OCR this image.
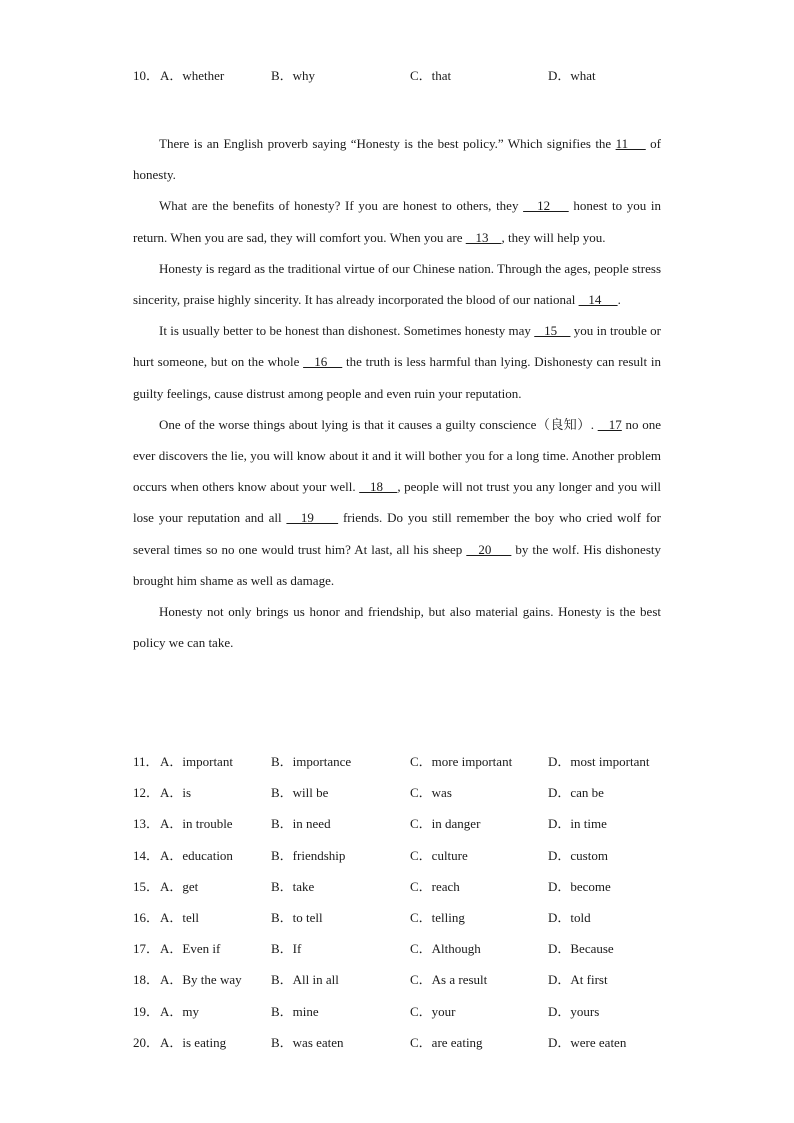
10． A．whether	B．why	C．that	D．what

There is an English proverb saying “Honesty is the best policy.” Which signifies the 11     of honesty.

What are the benefits of honesty? If you are honest to others, they    12     honest to you in return. When you are sad, they will comfort you. When you are    13    , they will help you.

Honesty is regard as the traditional virtue of our Chinese nation. Through the ages, people stress sincerity, praise highly sincerity. It has already incorporated the blood of our national    14     .

It is usually better to be honest than dishonest. Sometimes honesty may    15     you in trouble or hurt someone, but on the whole    16     the truth is less harmful than lying. Dishonesty can result in guilty feelings, cause distrust among people and even ruin your reputation.

One of the worse things about lying is that it causes a guilty conscience（良知）.    17 no one ever discovers the lie, you will know about it and it will bother you for a long time. Another problem occurs when others know about your well.    18    , people will not trust you any longer and you will lose your reputation and all    19      friends. Do you still remember the boy who cried wolf for several times so no one would trust him? At last, all his sheep    20      by the wolf. His dishonesty brought him shame as well as damage.

Honesty not only brings us honor and friendship, but also material gains. Honesty is the best policy we can take.

11． A．important	B．importance	C．more important	D．most important
12． A．is	B．will be	C．was	D．can be
13． A．in trouble	B．in need	C．in danger	D．in time
14． A．education	B．friendship	C．culture	D．custom
15． A．get	B．take	C．reach	D．become
16． A．tell	B．to tell	C．telling	D．told
17． A．Even if	B．If	C．Although	D．Because
18． A．By the way B．All in all	C．As a result	D．At first
19． A．my	B．mine	C．your	D．yours
20． A．is eating	B．was eaten	C．are eating	D．were eaten
